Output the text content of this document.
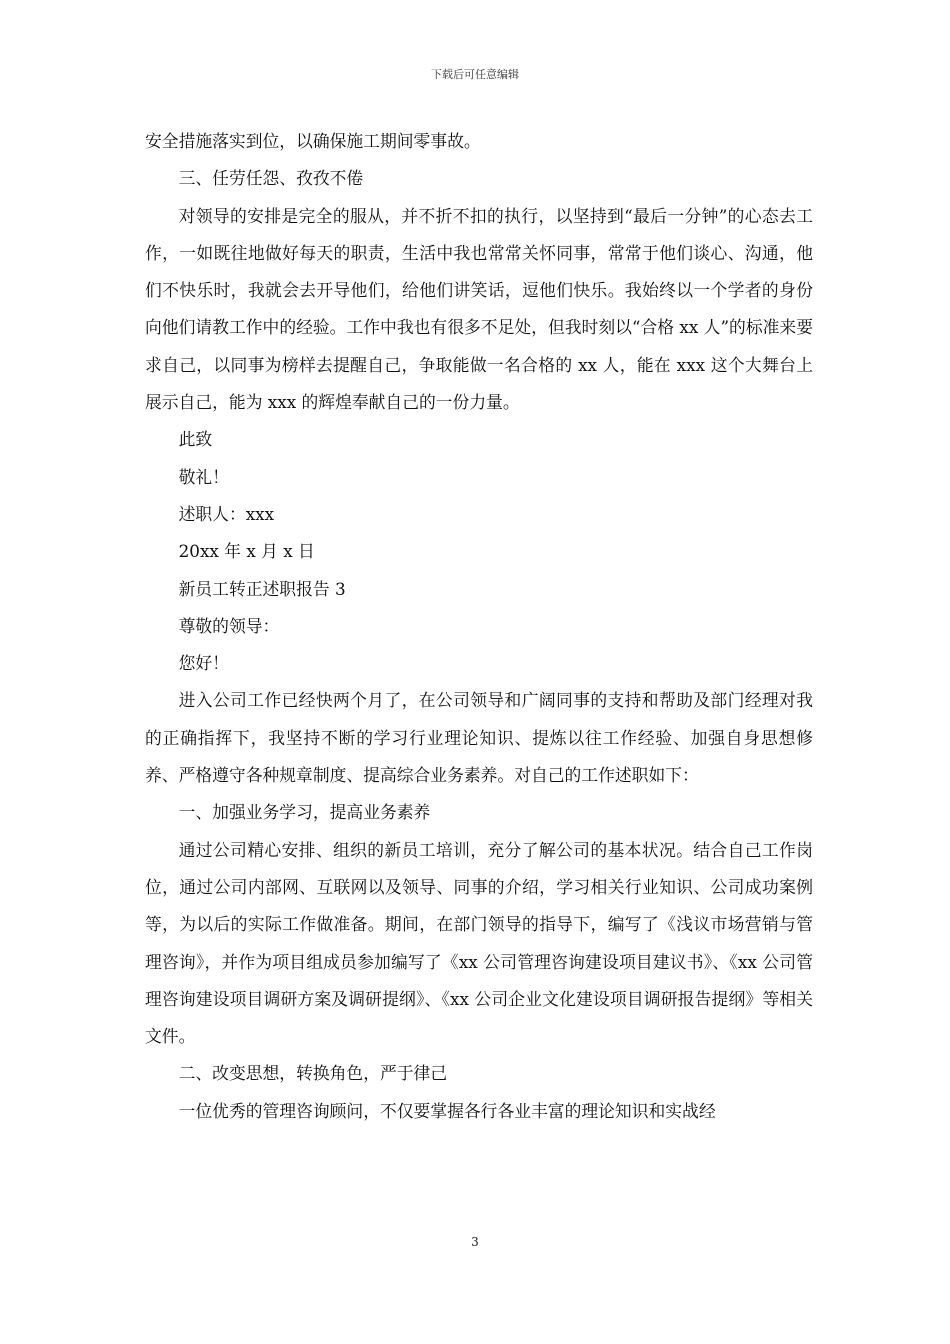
下载后可任意编辑

安全措施落实到位，以确保施工期间零事故。

三、任劳任怨、孜孜不倦

对领导的安排是完全的服从，并不折不扣的执行，以坚持到“最后一分钟”的心态去工作，一如既往地做好每天的职责，生活中我也常常关怀同事，常常于他们谈心、沟通，他们不快乐时，我就会去开导他们，给他们讲笑话，逗他们快乐。我始终以一个学者的身份向他们请教工作中的经验。工作中我也有很多不足处，但我时刻以“合格 xx 人”的标准来要求自己，以同事为榜样去提醒自己，争取能做一名合格的 xx 人，能在 xxx 这个大舞台上展示自己，能为 xxx 的辉煌奉献自己的一份力量。

此致

敬礼！

述职人：xxx

20xx 年 x 月 x 日

新员工转正述职报告 3

尊敬的领导：

您好！

进入公司工作已经快两个月了，在公司领导和广阔同事的支持和帮助及部门经理对我的正确指挥下，我坚持不断的学习行业理论知识、提炼以往工作经验、加强自身思想修养、严格遵守各种规章制度、提高综合业务素养。对自己的工作述职如下：

一、加强业务学习，提高业务素养

通过公司精心安排、组织的新员工培训，充分了解公司的基本状况。结合自己工作岗位，通过公司内部网、互联网以及领导、同事的介绍，学习相关行业知识、公司成功案例等，为以后的实际工作做准备。期间，在部门领导的指导下，编写了《浅议市场营销与管理咨询》，并作为项目组成员参加编写了《xx 公司管理咨询建设项目建议书》、《xx 公司管理咨询建设项目调研方案及调研提纲》、《xx 公司企业文化建设项目调研报告提纲》等相关文件。

二、改变思想，转换角色，严于律己

一位优秀的管理咨询顾问，不仅要掌握各行各业丰富的理论知识和实战经

3
